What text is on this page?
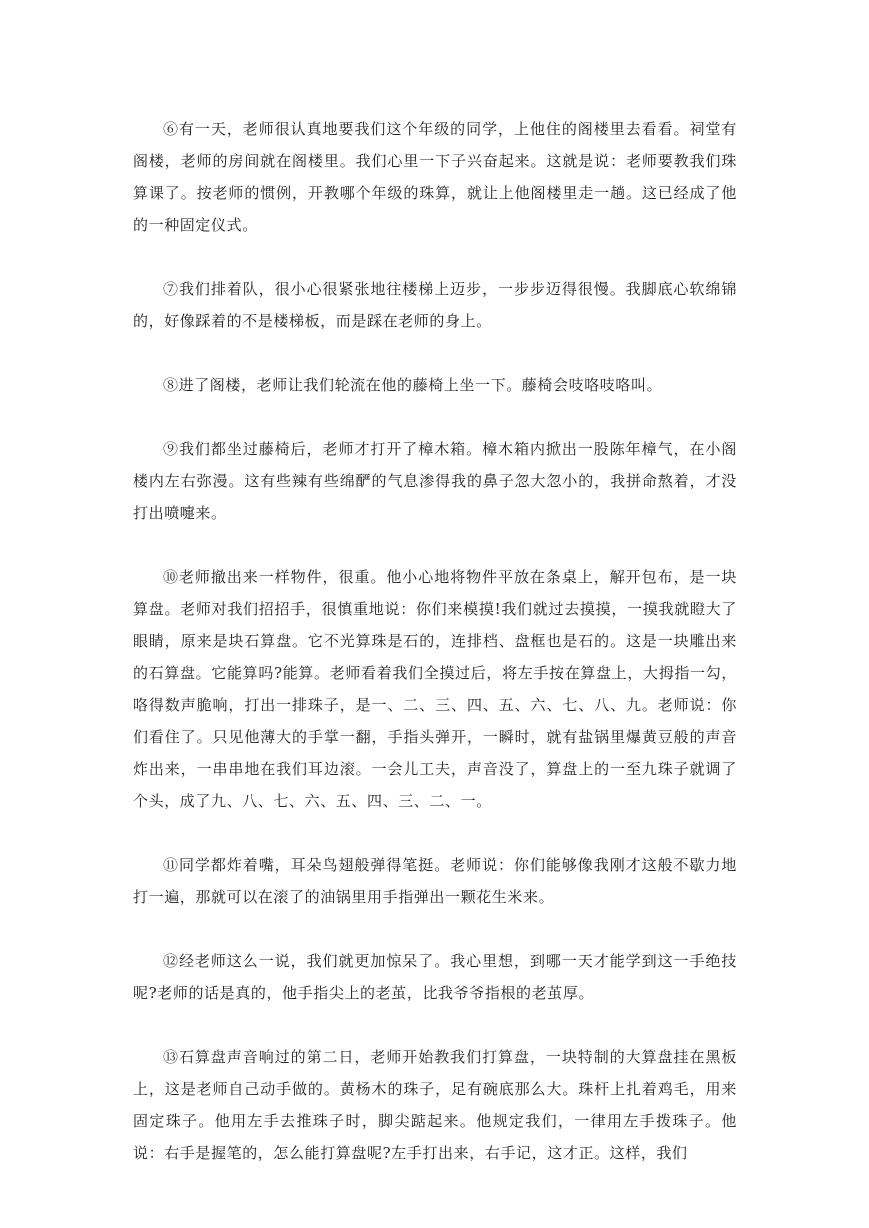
⑥有一天，老师很认真地要我们这个年级的同学，上他住的阁楼里去看看。祠堂有阁楼，老师的房间就在阁楼里。我们心里一下子兴奋起来。这就是说：老师要教我们珠算课了。按老师的惯例，开教哪个年级的珠算，就让上他阁楼里走一趟。这已经成了他的一种固定仪式。

⑦我们排着队，很小心很紧张地往楼梯上迈步，一步步迈得很慢。我脚底心软绵锦的，好像踩着的不是楼梯板，而是踩在老师的身上。

⑧进了阁楼，老师让我们轮流在他的藤椅上坐一下。藤椅会吱咯吱咯叫。

⑨我们都坐过藤椅后，老师才打开了樟木箱。樟木箱内掀出一股陈年樟气，在小阁楼内左右弥漫。这有些辣有些绵酽的气息渗得我的鼻子忽大忽小的，我拼命熬着，才没打出喷嚏来。

⑩老师撤出来一样物件，很重。他小心地将物件平放在条桌上，解开包布，是一块算盘。老师对我们招招手，很慎重地说：你们来模摸!我们就过去摸摸，一摸我就瞪大了眼睛，原来是块石算盘。它不光算珠是石的，连排档、盘框也是石的。这是一块雕出来的石算盘。它能算吗?能算。老师看着我们全摸过后，将左手按在算盘上，大拇指一勾，咯得数声脆响，打出一排珠子，是一、二、三、四、五、六、七、八、九。老师说：你们看住了。只见他薄大的手掌一翻，手指头弹开，一瞬时，就有盐锅里爆黄豆般的声音炸出来，一串串地在我们耳边滚。一会儿工夫，声音没了，算盘上的一至九珠子就调了个头，成了九、八、七、六、五、四、三、二、一。

⑪同学都炸着嘴，耳朵鸟翅般弹得笔挺。老师说：你们能够像我刚才这般不歇力地打一遍，那就可以在滚了的油锅里用手指弹出一颗花生米来。

⑫经老师这么一说，我们就更加惊呆了。我心里想，到哪一天才能学到这一手绝技呢?老师的话是真的，他手指尖上的老茧，比我爷爷指根的老茧厚。

⑬石算盘声音响过的第二日，老师开始教我们打算盘，一块特制的大算盘挂在黑板上，这是老师自己动手做的。黄杨木的珠子，足有碗底那么大。珠杆上扎着鸡毛，用来固定珠子。他用左手去推珠子时，脚尖踮起来。他规定我们，一律用左手拨珠子。他说：右手是握笔的，怎么能打算盘呢?左手打出来，右手记，这才正。这样，我们
